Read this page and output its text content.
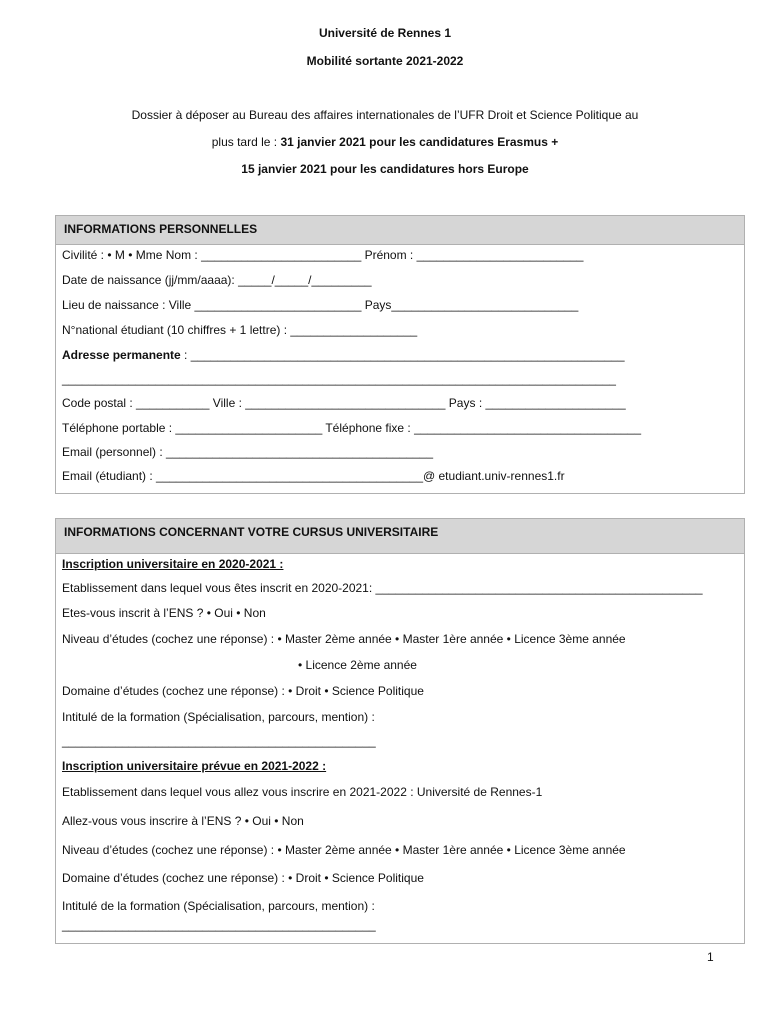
Université de Rennes 1
Mobilité sortante 2021-2022
Dossier à déposer au Bureau des affaires internationales de l’UFR Droit et Science Politique au
plus tard le : 31 janvier 2021 pour les candidatures Erasmus +
15 janvier 2021 pour les candidatures hors Europe
INFORMATIONS PERSONNELLES
Civilité : • M • Mme Nom : ________________________ Prénom : _________________________
Date de naissance (jj/mm/aaaa): _____/_____/_________
Lieu de naissance : Ville _________________________ Pays____________________________
N°national étudiant (10 chiffres + 1 lettre) : ___________________
Adresse permanente : _________________________________________________________________
___________________________________________________________________________________
Code postal : ___________ Ville : ______________________________ Pays : _____________________
Téléphone portable : ______________________ Téléphone fixe : __________________________________
Email (personnel) : ________________________________________
Email (étudiant) : ________________________________________@ etudiant.univ-rennes1.fr
INFORMATIONS CONCERNANT VOTRE CURSUS UNIVERSITAIRE
Inscription universitaire en 2020-2021 :
Etablissement dans lequel vous êtes inscrit en 2020-2021: _________________________________________________
Etes-vous inscrit à l’ENS ? • Oui • Non
Niveau d’études (cochez une réponse) : • Master 2ème année • Master 1ère année • Licence 3ème année
• Licence 2ème année
Domaine d’études (cochez une réponse) : • Droit • Science Politique
Intitulé de la formation (Spécialisation, parcours, mention) :
_______________________________________________
Inscription universitaire prévue en 2021-2022 :
Etablissement dans lequel vous allez vous inscrire en 2021-2022 : Université de Rennes-1
Allez-vous vous inscrire à l’ENS ? • Oui • Non
Niveau d’études (cochez une réponse) : • Master 2ème année • Master 1ère année • Licence 3ème année
Domaine d’études (cochez une réponse) : • Droit • Science Politique
Intitulé de la formation (Spécialisation, parcours, mention) :
_______________________________________________
1
